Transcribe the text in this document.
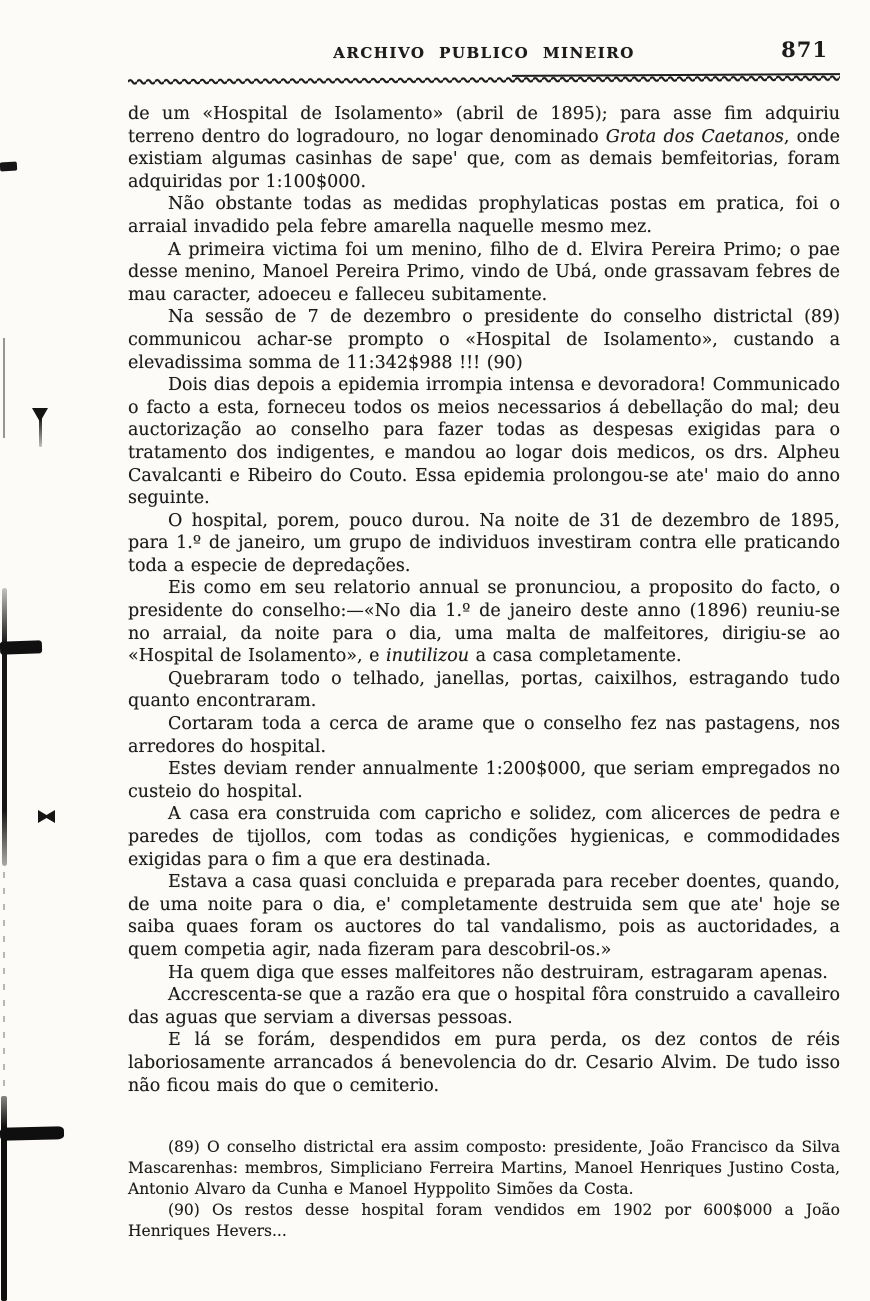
ARCHIVO PUBLICO MINEIRO	871

de um «Hospital de Isolamento» (abril de 1895); para asse fim adquiriu terreno dentro do logradouro, no logar denominado Grota dos Caetanos, onde existiam algumas casinhas de sape' que, com as demais bemfeitorias, foram adquiridas por 1:100$000.

Não obstante todas as medidas prophylaticas postas em pratica, foi o arraial invadido pela febre amarella naquelle mesmo mez.

A primeira victima foi um menino, filho de d. Elvira Pereira Primo; o pae desse menino, Manoel Pereira Primo, vindo de Ubá, onde grassavam febres de mau caracter, adoeceu e falleceu subitamente.

Na sessão de 7 de dezembro o presidente do conselho districtal (89) communicou achar-se prompto o «Hospital de Isolamento», custando a elevadissima somma de 11:342$988 !!! (90)

Dois dias depois a epidemia irrompia intensa e devoradora! Communicado o facto a esta, forneceu todos os meios necessarios á debellação do mal; deu auctorização ao conselho para fazer todas as despesas exigidas para o tratamento dos indigentes, e mandou ao logar dois medicos, os drs. Alpheu Cavalcanti e Ribeiro do Couto. Essa epidemia prolongou-se ate' maio do anno seguinte.

O hospital, porem, pouco durou. Na noite de 31 de dezembro de 1895, para 1.º de janeiro, um grupo de individuos investiram contra elle praticando toda a especie de depredações.

Eis como em seu relatorio annual se pronunciou, a proposito do facto, o presidente do conselho:—«No dia 1.º de janeiro deste anno (1896) reuniu-se no arraial, da noite para o dia, uma malta de malfeitores, dirigiu-se ao «Hospital de Isolamento», e inutilizou a casa completamente.

Quebraram todo o telhado, janellas, portas, caixilhos, estragando tudo quanto encontraram.

Cortaram toda a cerca de arame que o conselho fez nas pastagens, nos arredores do hospital.

Estes deviam render annualmente 1:200$000, que seriam empregados no custeio do hospital.

A casa era construida com capricho e solidez, com alicerces de pedra e paredes de tijollos, com todas as condições hygienicas, e commodidades exigidas para o fim a que era destinada.

Estava a casa quasi concluida e preparada para receber doentes, quando, de uma noite para o dia, e' completamente destruida sem que ate' hoje se saiba quaes foram os auctores do tal vandalismo, pois as auctoridades, a quem competia agir, nada fizeram para descobril-os.»

Ha quem diga que esses malfeitores não destruiram, estragaram apenas.

Accrescenta-se que a razão era que o hospital fôra construido a cavalleiro das aguas que serviam a diversas pessoas.

E lá se forám, despendidos em pura perda, os dez contos de réis laboriosamente arrancados á benevolencia do dr. Cesario Alvim. De tudo isso não ficou mais do que o cemiterio.

(89) O conselho districtal era assim composto: presidente, João Francisco da Silva Mascarenhas: membros, Simpliciano Ferreira Martins, Manoel Henriques Justino Costa, Antonio Alvaro da Cunha e Manoel Hyppolito Simões da Costa.

(90) Os restos desse hospital foram vendidos em 1902 por 600$000 a João Henriques Hevers...
